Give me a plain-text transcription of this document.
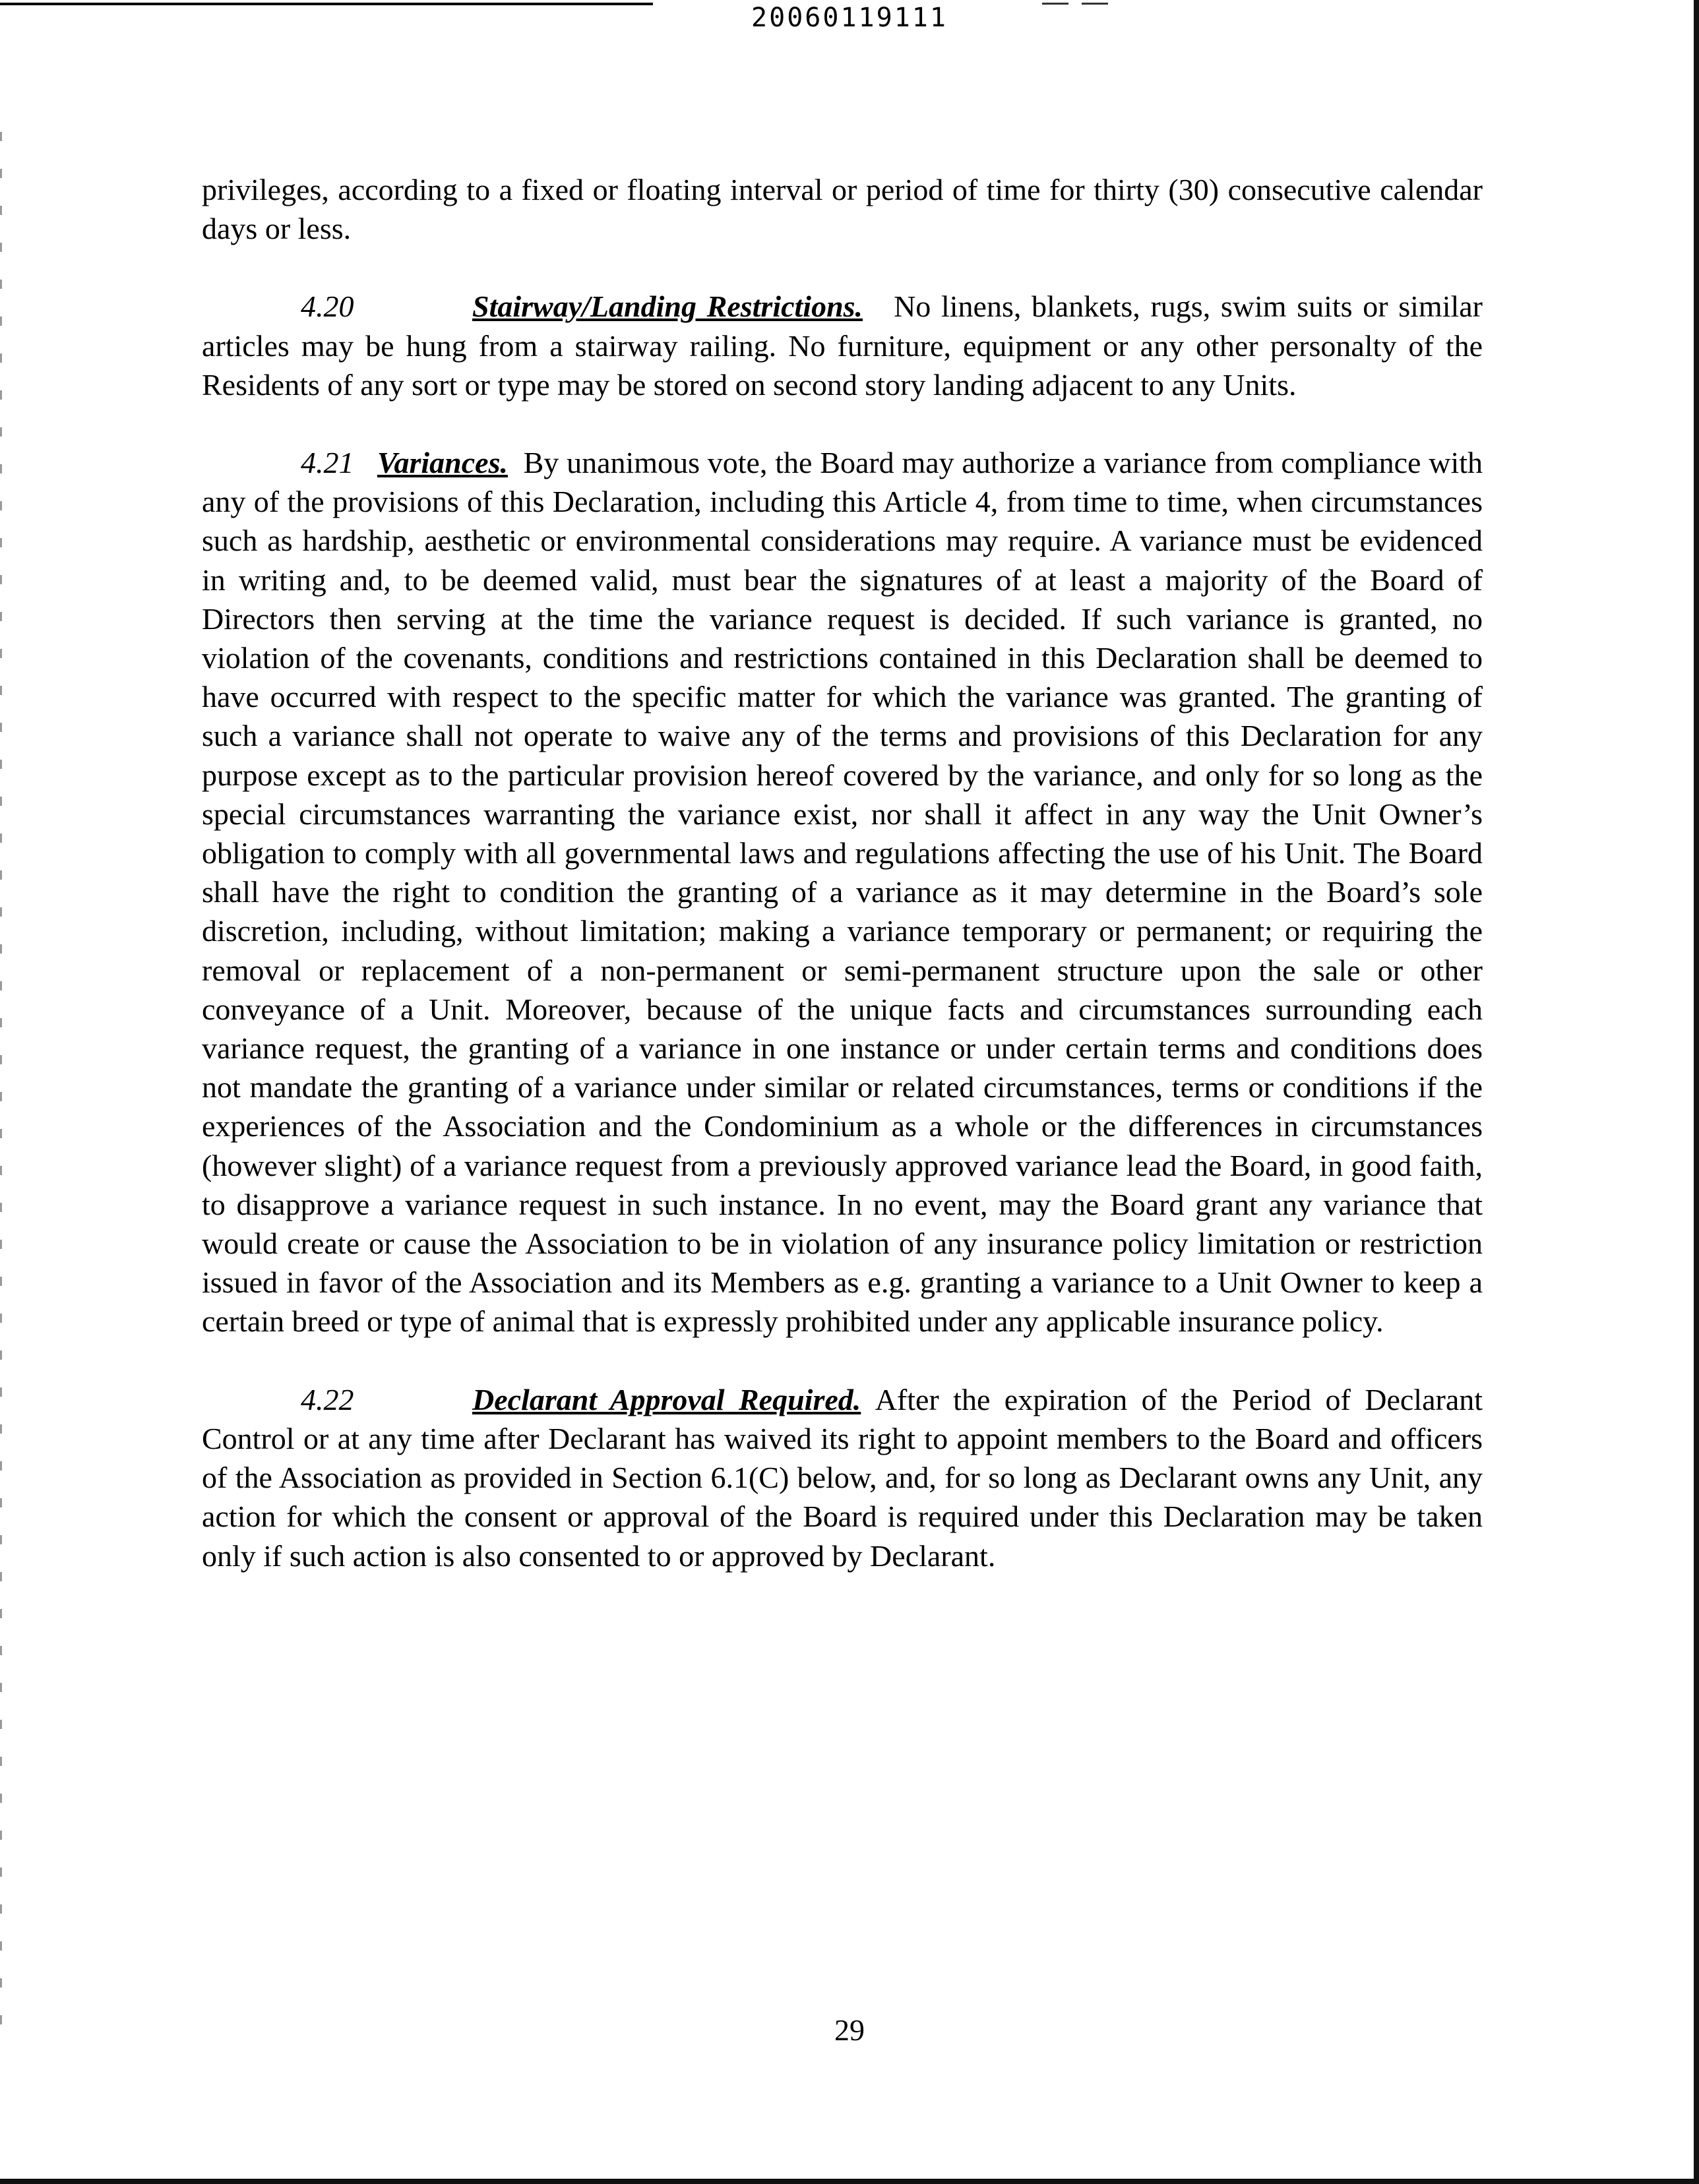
20060119111

privileges, according to a fixed or floating interval or period of time for thirty (30) consecutive calendar days or less.

4.20	Stairway/Landing Restrictions. No linens, blankets, rugs, swim suits or similar articles may be hung from a stairway railing. No furniture, equipment or any other personalty of the Residents of any sort or type may be stored on second story landing adjacent to any Units.

4.21 Variances. By unanimous vote, the Board may authorize a variance from compliance with any of the provisions of this Declaration, including this Article 4, from time to time, when circumstances such as hardship, aesthetic or environmental considerations may require. A variance must be evidenced in writing and, to be deemed valid, must bear the signatures of at least a majority of the Board of Directors then serving at the time the variance request is decided. If such variance is granted, no violation of the covenants, conditions and restrictions contained in this Declaration shall be deemed to have occurred with respect to the specific matter for which the variance was granted. The granting of such a variance shall not operate to waive any of the terms and provisions of this Declaration for any purpose except as to the particular provision hereof covered by the variance, and only for so long as the special circumstances warranting the variance exist, nor shall it affect in any way the Unit Owner’s obligation to comply with all governmental laws and regulations affecting the use of his Unit. The Board shall have the right to condition the granting of a variance as it may determine in the Board’s sole discretion, including, without limitation; making a variance temporary or permanent; or requiring the removal or replacement of a non-permanent or semi-permanent structure upon the sale or other conveyance of a Unit. Moreover, because of the unique facts and circumstances surrounding each variance request, the granting of a variance in one instance or under certain terms and conditions does not mandate the granting of a variance under similar or related circumstances, terms or conditions if the experiences of the Association and the Condominium as a whole or the differences in circumstances (however slight) of a variance request from a previously approved variance lead the Board, in good faith, to disapprove a variance request in such instance. In no event, may the Board grant any variance that would create or cause the Association to be in violation of any insurance policy limitation or restriction issued in favor of the Association and its Members as e.g. granting a variance to a Unit Owner to keep a certain breed or type of animal that is expressly prohibited under any applicable insurance policy.

4.22	Declarant Approval Required. After the expiration of the Period of Declarant Control or at any time after Declarant has waived its right to appoint members to the Board and officers of the Association as provided in Section 6.1(C) below, and, for so long as Declarant owns any Unit, any action for which the consent or approval of the Board is required under this Declaration may be taken only if such action is also consented to or approved by Declarant.

29
